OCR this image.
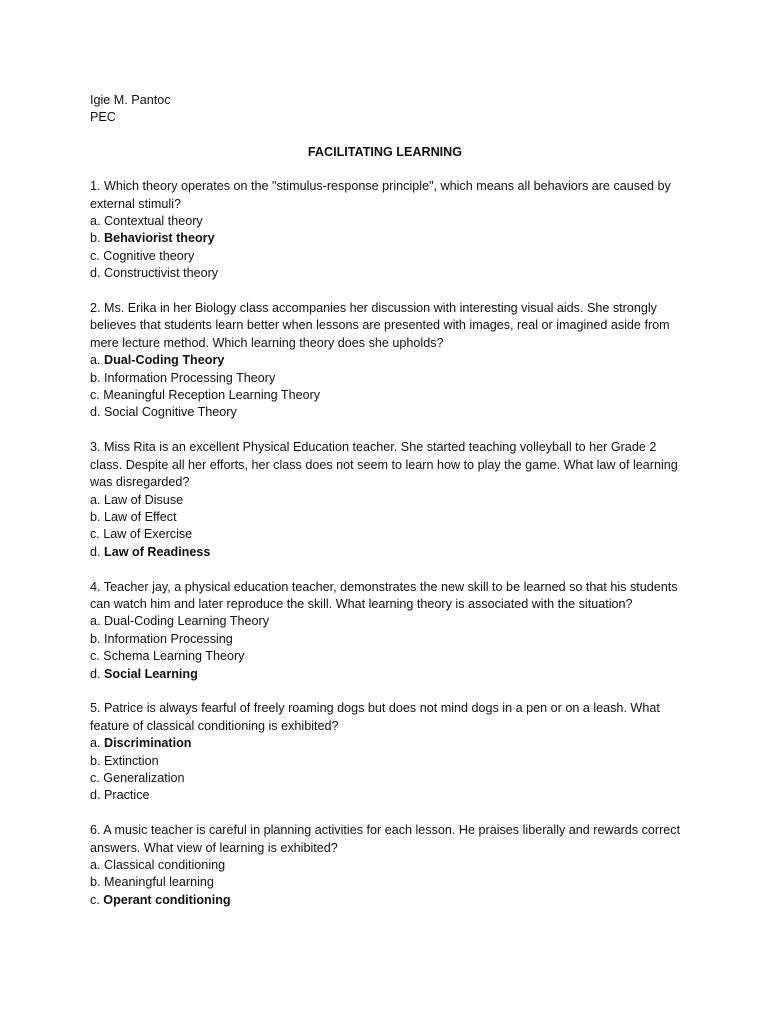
Igie M. Pantoc
PEC
FACILITATING LEARNING

1. Which theory operates on the "stimulus-response principle", which means all behaviors are caused by external stimuli?

a. Contextual theory
b. Behaviorist theory
c. Cognitive theory
d. Constructivist theory

2. Ms. Erika in her Biology class accompanies her discussion with interesting visual aids. She strongly believes that students learn better when lessons are presented with images, real or imagined aside from mere lecture method. Which learning theory does she upholds?

a. Dual-Coding Theory
b. Information Processing Theory
c. Meaningful Reception Learning Theory
d. Social Cognitive Theory

3. Miss Rita is an excellent Physical Education teacher. She started teaching volleyball to her Grade 2 class. Despite all her efforts, her class does not seem to learn how to play the game. What law of learning was disregarded?

a. Law of Disuse
b. Law of Effect
c. Law of Exercise
d. Law of Readiness

4. Teacher jay, a physical education teacher, demonstrates the new skill to be learned so that his students can watch him and later reproduce the skill. What learning theory is associated with the situation?

a. Dual-Coding Learning Theory
b. Information Processing
c. Schema Learning Theory
d. Social Learning

5. Patrice is always fearful of freely roaming dogs but does not mind dogs in a pen or on a leash. What feature of classical conditioning is exhibited?

a. Discrimination
b. Extinction
c. Generalization
d. Practice

6. A music teacher is careful in planning activities for each lesson. He praises liberally and rewards correct answers. What view of learning is exhibited?

a. Classical conditioning
b. Meaningful learning
c. Operant conditioning
